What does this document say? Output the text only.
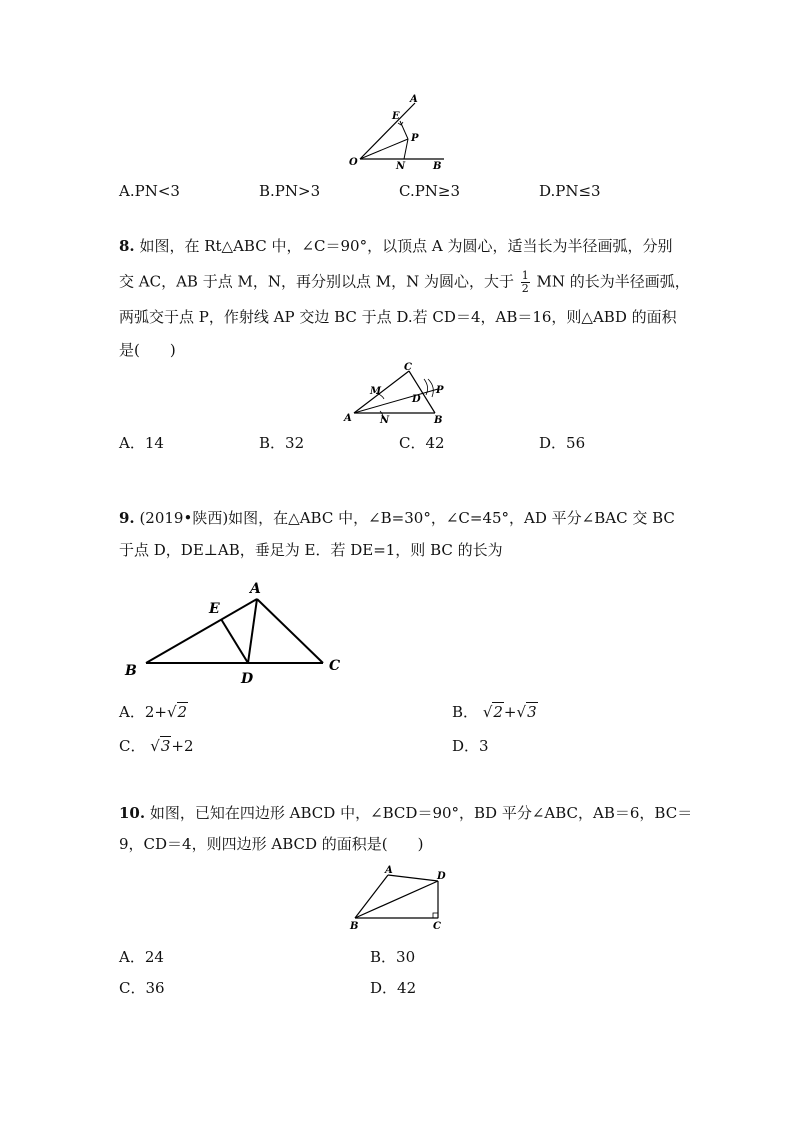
A
E
P
O	N	B
A.PN<3	B.PN>3	C.PN≥3	D.PN≤3
8. 如图，在 Rt△ABC 中，∠C＝90°，以顶点 A 为圆心，适当长为半径画弧，分别
交 AC，AB 于点 M，N，再分别以点 M，N 为圆心，大于 $\frac{1}{2}$ MN 的长为半径画弧，
两弧交于点 P，作射线 AP 交边 BC 于点 D.若 CD＝4，AB＝16，则△ABD 的面积
是(　　)
C
M	P
D
A	N	B
A．14	B．32	C．42	D．56
9. (2019•陕西)如图，在△ABC 中，∠B=30°，∠C=45°，AD 平分∠BAC 交 BC
于点 D，DE⊥AB，垂足为 E．若 DE=1，则 BC 的长为
A
E
B	D
C
A．2+√2	B． √2+√3
C． √3+2	D．3
10. 如图，已知在四边形 ABCD 中，∠BCD＝90°，BD 平分∠ABC，AB＝6，BC＝
9，CD＝4，则四边形 ABCD 的面积是(　　)
A
D
B	C
A．24	B．30
C．36	D．42
